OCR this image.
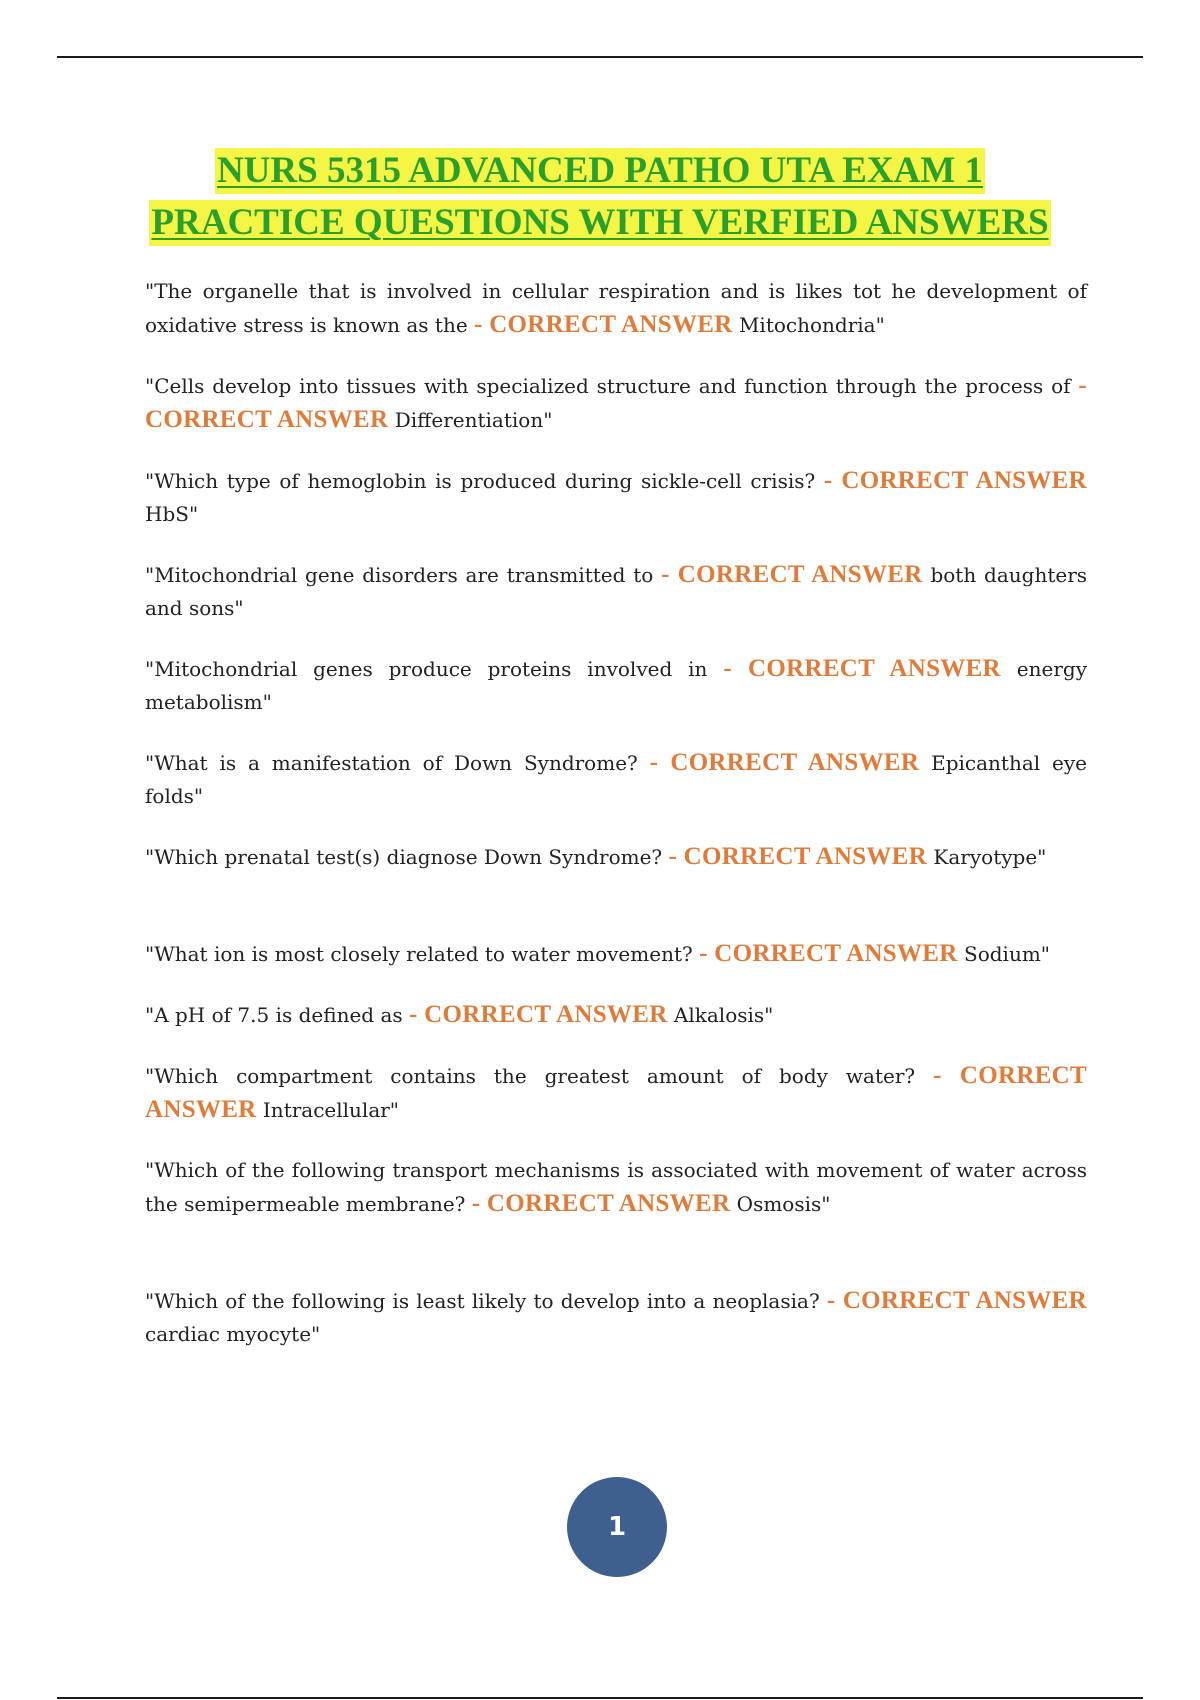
NURS 5315 ADVANCED PATHO UTA EXAM 1
PRACTICE QUESTIONS WITH VERFIED ANSWERS

"The organelle that is involved in cellular respiration and is likes tot he development of oxidative stress is known as the - CORRECT ANSWER Mitochondria"

"Cells develop into tissues with specialized structure and function through the process of - CORRECT ANSWER Differentiation"

"Which type of hemoglobin is produced during sickle-cell crisis? - CORRECT ANSWER HbS"

"Mitochondrial gene disorders are transmitted to - CORRECT ANSWER both daughters and sons"

"Mitochondrial genes produce proteins involved in - CORRECT ANSWER energy metabolism"

"What is a manifestation of Down Syndrome? - CORRECT ANSWER Epicanthal eye folds"

"Which prenatal test(s) diagnose Down Syndrome? - CORRECT ANSWER Karyotype"

"What ion is most closely related to water movement? - CORRECT ANSWER Sodium"

"A pH of 7.5 is defined as - CORRECT ANSWER Alkalosis"

"Which compartment contains the greatest amount of body water? - CORRECT ANSWER Intracellular"

"Which of the following transport mechanisms is associated with movement of water across the semipermeable membrane? - CORRECT ANSWER Osmosis"

"Which of the following is least likely to develop into a neoplasia? - CORRECT ANSWER cardiac myocyte"

1
